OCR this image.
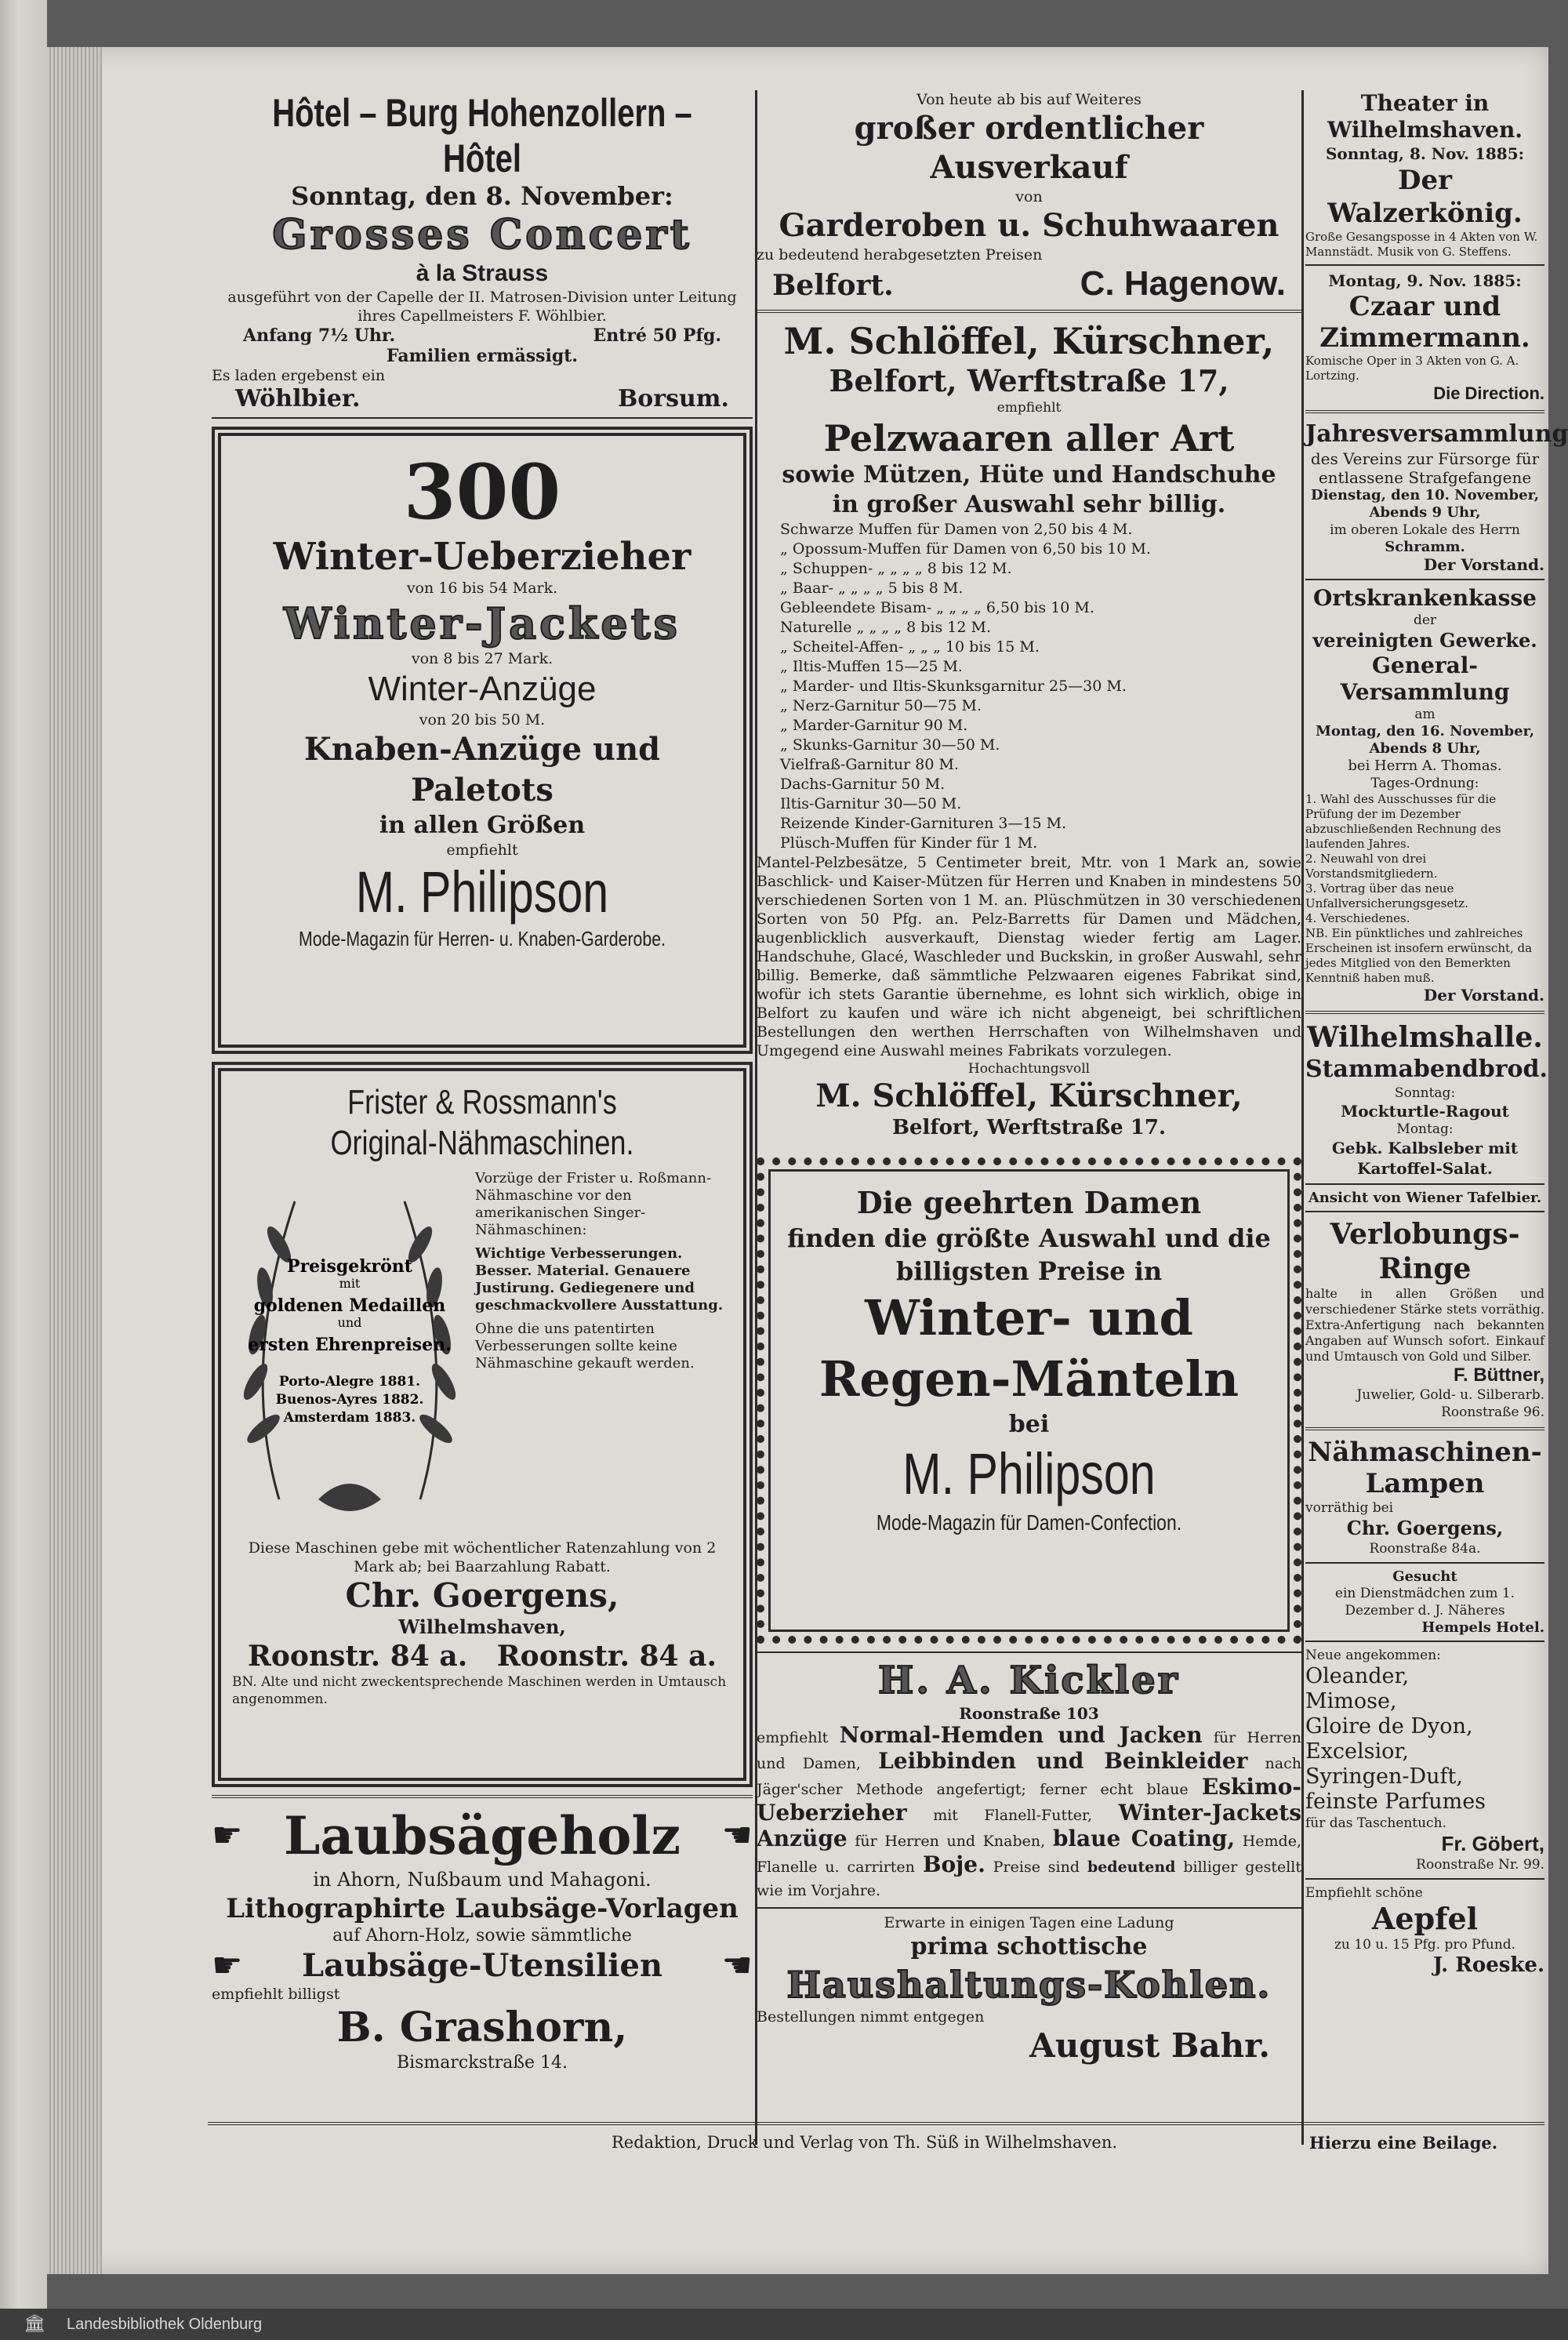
Hôtel – Burg Hohenzollern – Hôtel
Sonntag, den 8. November:
Grosses Concert
à la Strauss
ausgeführt von der Capelle der II. Matrosen-Division unter Leitung ihres Capellmeisters F. Wöhlbier.
Anfang 7½ Uhr.	Entré 50 Pfg.
Familien ermässigt.
Es laden ergebenst ein
Wöhlbier.	Borsum.
300
Winter-Ueberzieher
von 16 bis 54 Mark.
Winter-Jackets
von 8 bis 27 Mark.
Winter-Anzüge
von 20 bis 50 M.
Knaben-Anzüge und Paletots
in allen Größen
empfiehlt
M. Philipson
Mode-Magazin für Herren- u. Knaben-Garderobe.
Frister & Rossmann's
Original-Nähmaschinen.
Preisgekrönt
mit
goldenen Medaillen
und
ersten Ehrenpreisen.
Porto-Alegre 1881.
Buenos-Ayres 1882.
Amsterdam 1883.
Vorzüge der Frister u. Roßmann-Nähmaschine vor den amerikanischen Singer-Nähmaschinen:
Wichtige Verbesserungen. Besser. Material. Genauere Justirung. Gediegenere und geschmackvollere Ausstattung.
Ohne die uns patentirten Verbesserungen sollte keine Nähmaschine gekauft werden.
Diese Maschinen gebe mit wöchentlicher Ratenzahlung von 2 Mark ab; bei Baarzahlung Rabatt.
Chr. Goergens,
Wilhelmshaven,
Roonstr. 84 a. Roonstr. 84 a.
BN. Alte und nicht zweckentsprechende Maschinen werden in Umtausch angenommen.
☛ Laubsägeholz ☚
in Ahorn, Nußbaum und Mahagoni.
Lithographirte Laubsäge-Vorlagen
auf Ahorn-Holz, sowie sämmtliche
☛ Laubsäge-Utensilien ☚
empfiehlt billigst
B. Grashorn,
Bismarckstraße 14.
Von heute ab bis auf Weiteres
großer ordentlicher Ausverkauf
von
Garderoben u. Schuhwaaren
zu bedeutend herabgesetzten Preisen
Belfort.	C. Hagenow.
M. Schlöffel, Kürschner,
Belfort, Werftstraße 17,
empfiehlt
Pelzwaaren aller Art
sowie Mützen, Hüte und Handschuhe
in großer Auswahl sehr billig.
Schwarze Muffen für Damen von 2,50 bis 4 M.
„ Opossum-Muffen für Damen von 6,50 bis 10 M.
„ Schuppen- „ „ „ „ 8 bis 12 M.
„ Baar- „ „ „ „ 5 bis 8 M.
Gebleendete Bisam- „ „ „ „ 6,50 bis 10 M.
Naturelle „ „ „ „ 8 bis 12 M.
„ Scheitel-Affen- „ „ „ 10 bis 15 M.
„ Iltis-Muffen 15—25 M.
„ Marder- und Iltis-Skunksgarnitur 25—30 M.
„ Nerz-Garnitur 50—75 M.
„ Marder-Garnitur 90 M.
„ Skunks-Garnitur 30—50 M.
Vielfraß-Garnitur 80 M.
Dachs-Garnitur 50 M.
Iltis-Garnitur 30—50 M.
Reizende Kinder-Garnituren 3—15 M.
Plüsch-Muffen für Kinder für 1 M.
Mantel-Pelzbesätze, 5 Centimeter breit, Mtr. von 1 Mark an, sowie Baschlick- und Kaiser-Mützen für Herren und Knaben in mindestens 50 verschiedenen Sorten von 1 M. an. Plüschmützen in 30 verschiedenen Sorten von 50 Pfg. an. Pelz-Barretts für Damen und Mädchen, augenblicklich ausverkauft, Dienstag wieder fertig am Lager. Handschuhe, Glacé, Waschleder und Buckskin, in großer Auswahl, sehr billig. Bemerke, daß sämmtliche Pelzwaaren eigenes Fabrikat sind, wofür ich stets Garantie übernehme, es lohnt sich wirklich, obige in Belfort zu kaufen und wäre ich nicht abgeneigt, bei schriftlichen Bestellungen den werthen Herrschaften von Wilhelmshaven und Umgegend eine Auswahl meines Fabrikats vorzulegen.
Hochachtungsvoll
M. Schlöffel, Kürschner,
Belfort, Werftstraße 17.
Die geehrten Damen
finden die größte Auswahl und die
billigsten Preise in
Winter- und
Regen-Mänteln
bei
M. Philipson
Mode-Magazin für Damen-Confection.
H. A. Kickler
Roonstraße 103
empfiehlt Normal-Hemden und Jacken für Herren und Damen, Leibbinden und Beinkleider nach Jäger'scher Methode angefertigt; ferner echt blaue Eskimo-Ueberzieher mit Flanell-Futter, Winter-Jackets Anzüge für Herren und Knaben, blaue Coating, Hemde, Flanelle u. carrirten Boje. Preise sind bedeutend billiger gestellt wie im Vorjahre.
Erwarte in einigen Tagen eine Ladung
prima schottische
Haushaltungs-Kohlen.
Bestellungen nimmt entgegen
August Bahr.
Theater in Wilhelmshaven.
Sonntag, 8. Nov. 1885:
Der Walzerkönig.
Große Gesangsposse in 4 Akten von W. Mannstädt. Musik von G. Steffens.
Montag, 9. Nov. 1885:
Czaar und
Zimmermann.
Komische Oper in 3 Akten von G. A. Lortzing.
Die Direction.
Jahresversammlung
des Vereins zur Fürsorge für entlassene Strafgefangene
Dienstag, den 10. November, Abends 9 Uhr,
im oberen Lokale des Herrn
Schramm.
Der Vorstand.
Ortskrankenkasse
der
vereinigten Gewerke.
General-Versammlung
am
Montag, den 16. November, Abends 8 Uhr,
bei Herrn A. Thomas.
Tages-Ordnung:
1. Wahl des Ausschusses für die Prüfung der im Dezember abzuschließenden Rechnung des laufenden Jahres.
2. Neuwahl von drei Vorstandsmitgliedern.
3. Vortrag über das neue Unfallversicherungsgesetz.
4. Verschiedenes.
NB. Ein pünktliches und zahlreiches Erscheinen ist insofern erwünscht, da jedes Mitglied von den Bemerkten Kenntniß haben muß.
Der Vorstand.
Wilhelmshalle.
Stammabendbrod.
Sonntag:
Mockturtle-Ragout
Montag:
Gebk. Kalbsleber mit Kartoffel-Salat.
Ansicht von Wiener Tafelbier.
Verlobungs-Ringe
halte in allen Größen und verschiedener Stärke stets vorräthig. Extra-Anfertigung nach bekannten Angaben auf Wunsch sofort. Einkauf und Umtausch von Gold und Silber.
F. Büttner,
Juwelier, Gold- u. Silberarb.
Roonstraße 96.
Nähmaschinen-
Lampen
vorräthig bei
Chr. Goergens,
Roonstraße 84a.
Gesucht
ein Dienstmädchen zum 1. Dezember d. J. Näheres
Hempels Hotel.
Neue angekommen:
Oleander,
Mimose,
Gloire de Dyon,
Excelsior,
Syringen-Duft,
feinste Parfumes
für das Taschentuch.
Fr. Göbert,
Roonstraße Nr. 99.
Empfiehlt schöne
Aepfel
zu 10 u. 15 Pfg. pro Pfund.
J. Roeske.
Redaktion, Druck und Verlag von Th. Süß in Wilhelmshaven.	Hierzu eine Beilage.
🏛 Landesbibliothek Oldenburg
